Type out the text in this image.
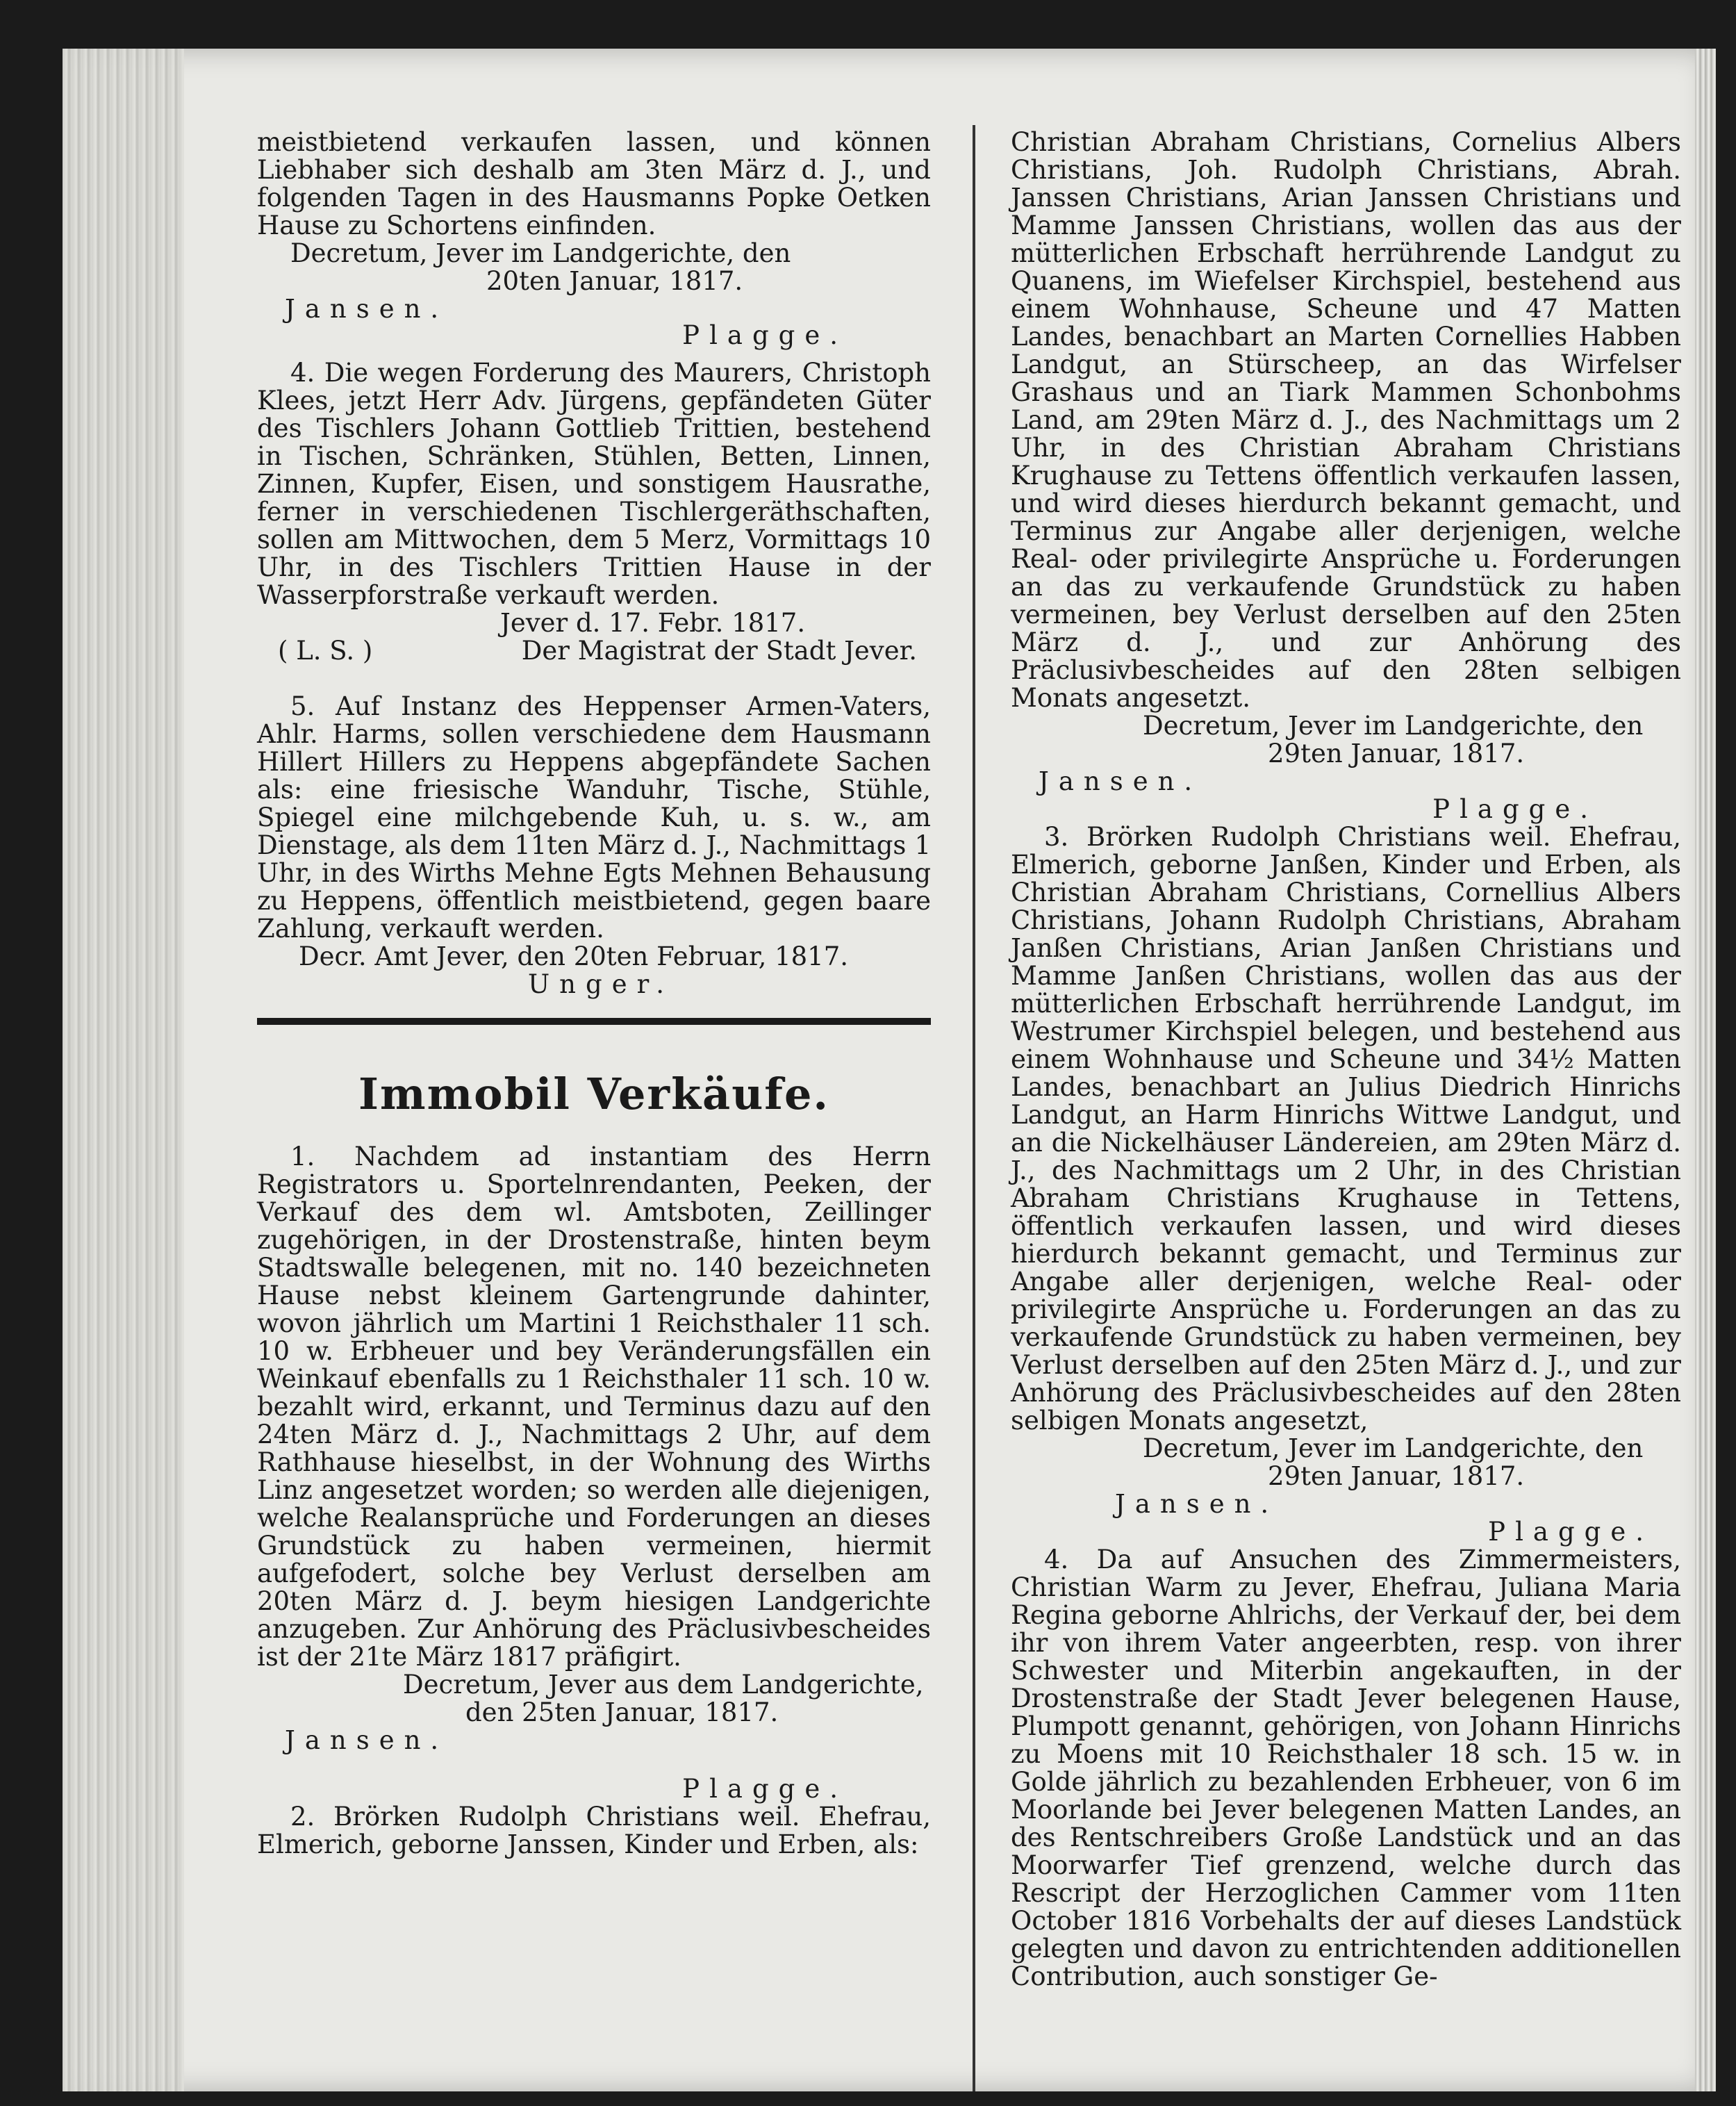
meistbietend verkaufen lassen, und können Liebhaber sich deshalb am 3ten März d. J., und folgenden Tagen in des Hausmanns Popke Oetken Hause zu Schortens einfinden.

Decretum, Jever im Landgerichte, den

20ten Januar, 1817.

Jansen.

Plagge.

4. Die wegen Forderung des Maurers, Christoph Klees, jetzt Herr Adv. Jürgens, gepfändeten Güter des Tischlers Johann Gottlieb Trittien, bestehend in Tischen, Schränken, Stühlen, Betten, Linnen, Zinnen, Kupfer, Eisen, und sonstigem Hausrathe, ferner in verschiedenen Tischlergeräthschaften, sollen am Mittwochen, dem 5 Merz, Vormittags 10 Uhr, in des Tischlers Trittien Hause in der Wasserpforstraße verkauft werden.

Jever d. 17. Febr. 1817.

( L. S. )	Der Magistrat der Stadt Jever.

5. Auf Instanz des Heppenser Armen-Vaters, Ahlr. Harms, sollen verschiedene dem Hausmann Hillert Hillers zu Heppens abgepfändete Sachen als: eine friesische Wanduhr, Tische, Stühle, Spiegel eine milchgebende Kuh, u. s. w., am Dienstage, als dem 11ten März d. J., Nachmittags 1 Uhr, in des Wirths Mehne Egts Mehnen Behausung zu Heppens, öffentlich meistbietend, gegen baare Zahlung, verkauft werden.

Decr. Amt Jever, den 20ten Februar, 1817.

Unger.

Immobil Verkäufe.

1. Nachdem ad instantiam des Herrn Registrators u. Sportelnrendanten, Peeken, der Verkauf des dem wl. Amtsboten, Zeillinger zugehörigen, in der Drostenstraße, hinten beym Stadtswalle belegenen, mit no. 140 bezeichneten Hause nebst kleinem Gartengrunde dahinter, wovon jährlich um Martini 1 Reichsthaler 11 sch. 10 w. Erbheuer und bey Veränderungsfällen ein Weinkauf ebenfalls zu 1 Reichsthaler 11 sch. 10 w. bezahlt wird, erkannt, und Terminus dazu auf den 24ten März d. J., Nachmittags 2 Uhr, auf dem Rathhause hieselbst, in der Wohnung des Wirths Linz angesetzet worden; so werden alle diejenigen, welche Realansprüche und Forderungen an dieses Grundstück zu haben vermeinen, hiermit aufgefodert, solche bey Verlust derselben am 20ten März d. J. beym hiesigen Landgerichte anzugeben. Zur Anhörung des Präclusivbescheides ist der 21te März 1817 präfigirt.

Decretum, Jever aus dem Landgerichte,

den 25ten Januar, 1817.

Jansen.

Plagge.

2. Brörken Rudolph Christians weil. Ehefrau, Elmerich, geborne Janssen, Kinder und Erben, als:

Christian Abraham Christians, Cornelius Albers Christians, Joh. Rudolph Christians, Abrah. Janssen Christians, Arian Janssen Christians und Mamme Janssen Christians, wollen das aus der mütterlichen Erbschaft herrührende Landgut zu Quanens, im Wiefelser Kirchspiel, bestehend aus einem Wohnhause, Scheune und 47 Matten Landes, benachbart an Marten Cornellies Habben Landgut, an Stürscheep, an das Wirfelser Grashaus und an Tiark Mammen Schonbohms Land, am 29ten März d. J., des Nachmittags um 2 Uhr, in des Christian Abraham Christians Krughause zu Tettens öffentlich verkaufen lassen, und wird dieses hierdurch bekannt gemacht, und Terminus zur Angabe aller derjenigen, welche Real- oder privilegirte Ansprüche u. Forderungen an das zu verkaufende Grundstück zu haben vermeinen, bey Verlust derselben auf den 25ten März d. J., und zur Anhörung des Präclusivbescheides auf den 28ten selbigen Monats angesetzt.

Decretum, Jever im Landgerichte, den

29ten Januar, 1817.

Jansen.

Plagge.

3. Brörken Rudolph Christians weil. Ehefrau, Elmerich, geborne Janßen, Kinder und Erben, als Christian Abraham Christians, Cornellius Albers Christians, Johann Rudolph Christians, Abraham Janßen Christians, Arian Janßen Christians und Mamme Janßen Christians, wollen das aus der mütterlichen Erbschaft herrührende Landgut, im Westrumer Kirchspiel belegen, und bestehend aus einem Wohnhause und Scheune und 34½ Matten Landes, benachbart an Julius Diedrich Hinrichs Landgut, an Harm Hinrichs Wittwe Landgut, und an die Nickelhäuser Ländereien, am 29ten März d. J., des Nachmittags um 2 Uhr, in des Christian Abraham Christians Krughause in Tettens, öffentlich verkaufen lassen, und wird dieses hierdurch bekannt gemacht, und Terminus zur Angabe aller derjenigen, welche Real- oder privilegirte Ansprüche u. Forderungen an das zu verkaufende Grundstück zu haben vermeinen, bey Verlust derselben auf den 25ten März d. J., und zur Anhörung des Präclusivbescheides auf den 28ten selbigen Monats angesetzt,

Decretum, Jever im Landgerichte, den

29ten Januar, 1817.

Jansen.

Plagge.

4. Da auf Ansuchen des Zimmermeisters, Christian Warm zu Jever, Ehefrau, Juliana Maria Regina geborne Ahlrichs, der Verkauf der, bei dem ihr von ihrem Vater angeerbten, resp. von ihrer Schwester und Miterbin angekauften, in der Drostenstraße der Stadt Jever belegenen Hause, Plumpott genannt, gehörigen, von Johann Hinrichs zu Moens mit 10 Reichsthaler 18 sch. 15 w. in Golde jährlich zu bezahlenden Erbheuer, von 6 im Moorlande bei Jever belegenen Matten Landes, an des Rentschreibers Große Landstück und an das Moorwarfer Tief grenzend, welche durch das Rescript der Herzoglichen Cammer vom 11ten October 1816 Vorbehalts der auf dieses Landstück gelegten und davon zu entrichtenden additionellen Contribution, auch sonstiger Ge-
